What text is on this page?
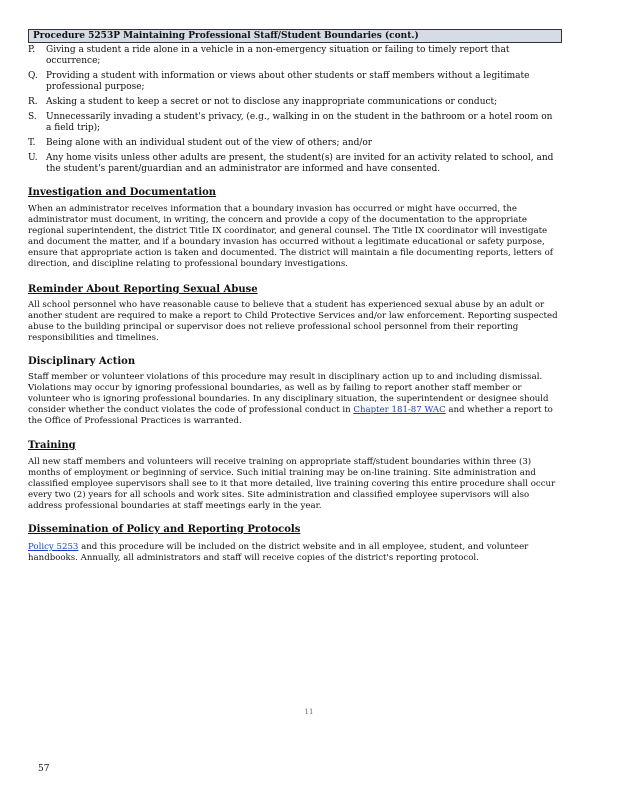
Procedure 5253P Maintaining Professional Staff/Student Boundaries (cont.)
P.	Giving a student a ride alone in a vehicle in a non-emergency situation or failing to timely report that occurrence;
Q. Providing a student with information or views about other students or staff members without a legitimate professional purpose;
R. Asking a student to keep a secret or not to disclose any inappropriate communications or conduct;
S.	Unnecessarily invading a student's privacy, (e.g., walking in on the student in the bathroom or a hotel room on a field trip);
T.	Being alone with an individual student out of the view of others; and/or
U. Any home visits unless other adults are present, the student(s) are invited for an activity related to school, and the student's parent/guardian and an administrator are informed and have consented.
Investigation and Documentation
When an administrator receives information that a boundary invasion has occurred or might have occurred, the administrator must document, in writing, the concern and provide a copy of the documentation to the appropriate regional superintendent, the district Title IX coordinator, and general counsel. The Title IX coordinator will investigate and document the matter, and if a boundary invasion has occurred without a legitimate educational or safety purpose, ensure that appropriate action is taken and documented. The district will maintain a file documenting reports, letters of direction, and discipline relating to professional boundary investigations.
Reminder About Reporting Sexual Abuse
All school personnel who have reasonable cause to believe that a student has experienced sexual abuse by an adult or another student are required to make a report to Child Protective Services and/or law enforcement. Reporting suspected abuse to the building principal or supervisor does not relieve professional school personnel from their reporting responsibilities and timelines.
Disciplinary Action
Staff member or volunteer violations of this procedure may result in disciplinary action up to and including dismissal. Violations may occur by ignoring professional boundaries, as well as by failing to report another staff member or volunteer who is ignoring professional boundaries. In any disciplinary situation, the superintendent or designee should consider whether the conduct violates the code of professional conduct in Chapter 181-87 WAC and whether a report to the Office of Professional Practices is warranted.
Training
All new staff members and volunteers will receive training on appropriate staff/student boundaries within three (3) months of employment or beginning of service. Such initial training may be on-line training. Site administration and classified employee supervisors shall see to it that more detailed, live training covering this entire procedure shall occur every two (2) years for all schools and work sites. Site administration and classified employee supervisors will also address professional boundaries at staff meetings early in the year.
Dissemination of Policy and Reporting Protocols
Policy 5253 and this procedure will be included on the district website and in all employee, student, and volunteer handbooks. Annually, all administrators and staff will receive copies of the district's reporting protocol.
11
57
